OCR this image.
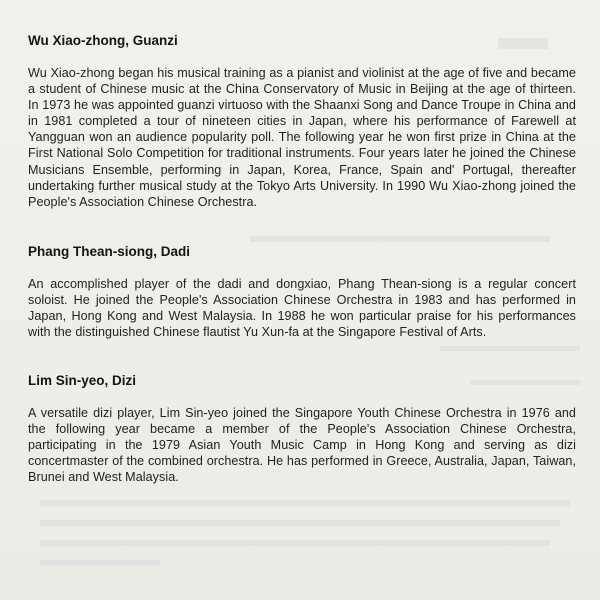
Wu Xiao-zhong, Guanzi

Wu Xiao-zhong began his musical training as a pianist and violinist at the age of five and became a student of Chinese music at the China Conservatory of Music in Beijing at the age of thirteen. In 1973 he was appointed guanzi virtuoso with the Shaanxi Song and Dance Troupe in China and in 1981 completed a tour of nineteen cities in Japan, where his performance of Farewell at Yangguan won an audience popularity poll. The following year he won first prize in China at the First National Solo Competition for traditional instruments. Four years later he joined the Chinese Musicians Ensemble, performing in Japan, Korea, France, Spain and' Portugal, thereafter undertaking further musical study at the Tokyo Arts University. In 1990 Wu Xiao-zhong joined the People's Association Chinese Orchestra.

Phang Thean-siong, Dadi

An accomplished player of the dadi and dongxiao, Phang Thean-siong is a regular concert soloist. He joined the People's Association Chinese Orchestra in 1983 and has performed in Japan, Hong Kong and West Malaysia. In 1988 he won particular praise for his performances with the distinguished Chinese flautist Yu Xun-fa at the Singapore Festival of Arts.

Lim Sin-yeo, Dizi

A versatile dizi player, Lim Sin-yeo joined the Singapore Youth Chinese Orchestra in 1976 and the following year became a member of the People's Association Chinese Orchestra, participating in the 1979 Asian Youth Music Camp in Hong Kong and serving as dizi concertmaster of the combined orchestra. He has performed in Greece, Australia, Japan, Taiwan, Brunei and West Malaysia.
